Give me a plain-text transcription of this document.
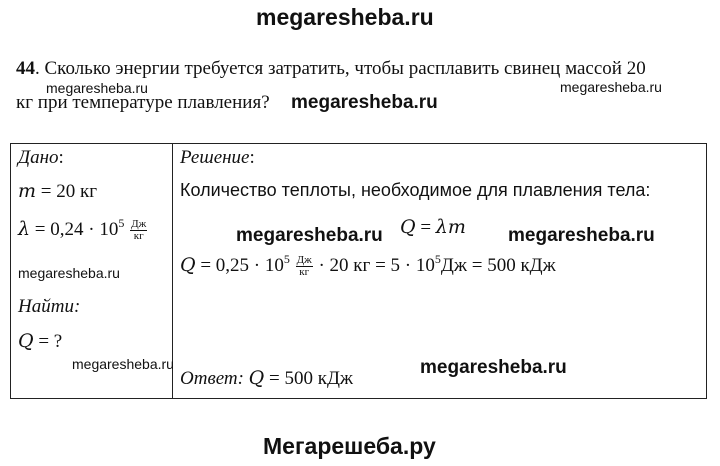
megaresheba.ru
44. Сколько энергии требуется затратить, чтобы расплавить свинец массой 20
megaresheba.ru	megaresheba.ru
кг при температуре плавления? megaresheba.ru
Дано:
m = 20 кг
$\lambda = 0,24 \cdot 10^5 \frac{Дж}{кг}$
megaresheba.ru
Найти:
Q = ?
megaresheba.ru
Решение:
Количество теплоты, необходимое для плавления тела:
megaresheba.ru Q = λm megaresheba.ru
$Q = 0,25 \cdot 10^5 \frac{Дж}{кг} \cdot 20$ кг = $5 \cdot 10^5Дж = 500$ кДж
megaresheba.ru
Ответ: Q = 500 кДж
Мегарешеба.ру
